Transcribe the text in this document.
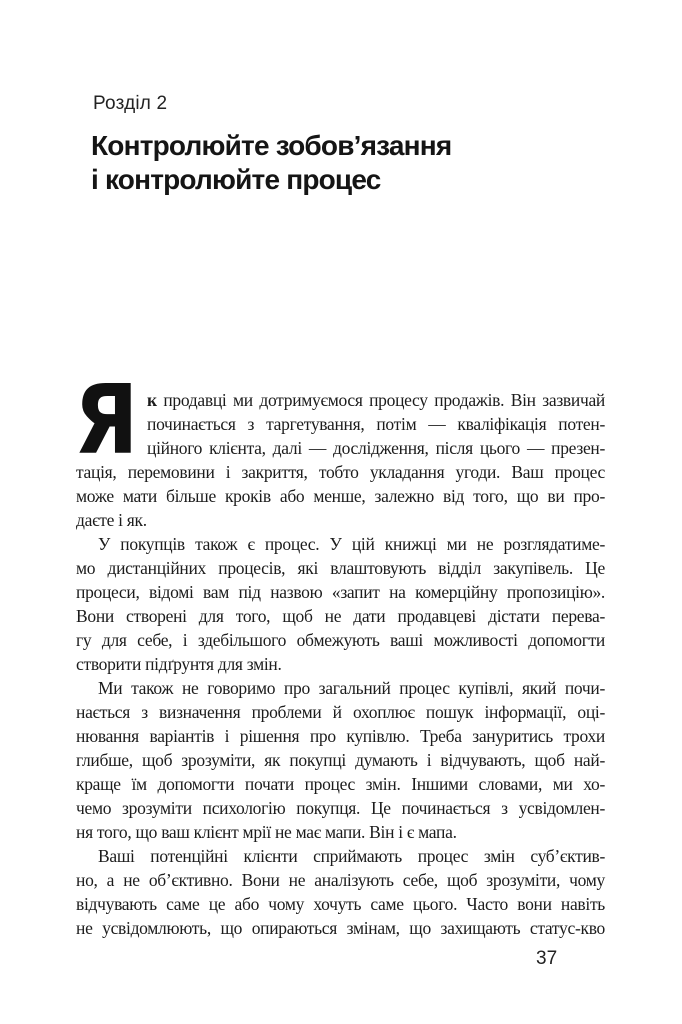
Розділ 2
Контролюйте зобов’язання
і контролюйте процес
Я к продавці ми дотримуємося процесу продажів. Він зазвичай
починається з таргетування, потім — кваліфікація потен-
ційного клієнта, далі — дослідження, після цього — презен-
тація, перемовини і закриття, тобто укладання угоди. Ваш процес
може мати більше кроків або менше, залежно від того, що ви про-
даєте і як.
У покупців також є процес. У цій книжці ми не розглядатиме-
мо дистанційних процесів, які влаштовують відділ закупівель. Це
процеси, відомі вам під назвою «запит на комерційну пропозицію».
Вони створені для того, щоб не дати продавцеві дістати перева-
гу для себе, і здебільшого обмежують ваші можливості допомогти
створити підґрунтя для змін.
Ми також не говоримо про загальний процес купівлі, який почи-
нається з визначення проблеми й охоплює пошук інформації, оці-
нювання варіантів і рішення про купівлю. Треба зануритись трохи
глибше, щоб зрозуміти, як покупці думають і відчувають, щоб най-
краще їм допомогти почати процес змін. Іншими словами, ми хо-
чемо зрозуміти психологію покупця. Це починається з усвідомлен-
ня того, що ваш клієнт мрії не має мапи. Він і є мапа.
Ваші потенційні клієнти сприймають процес змін суб’єктив-
но, а не об’єктивно. Вони не аналізують себе, щоб зрозуміти, чому
відчувають саме це або чому хочуть саме цього. Часто вони навіть
не усвідомлюють, що опираються змінам, що захищають статус-кво
37
